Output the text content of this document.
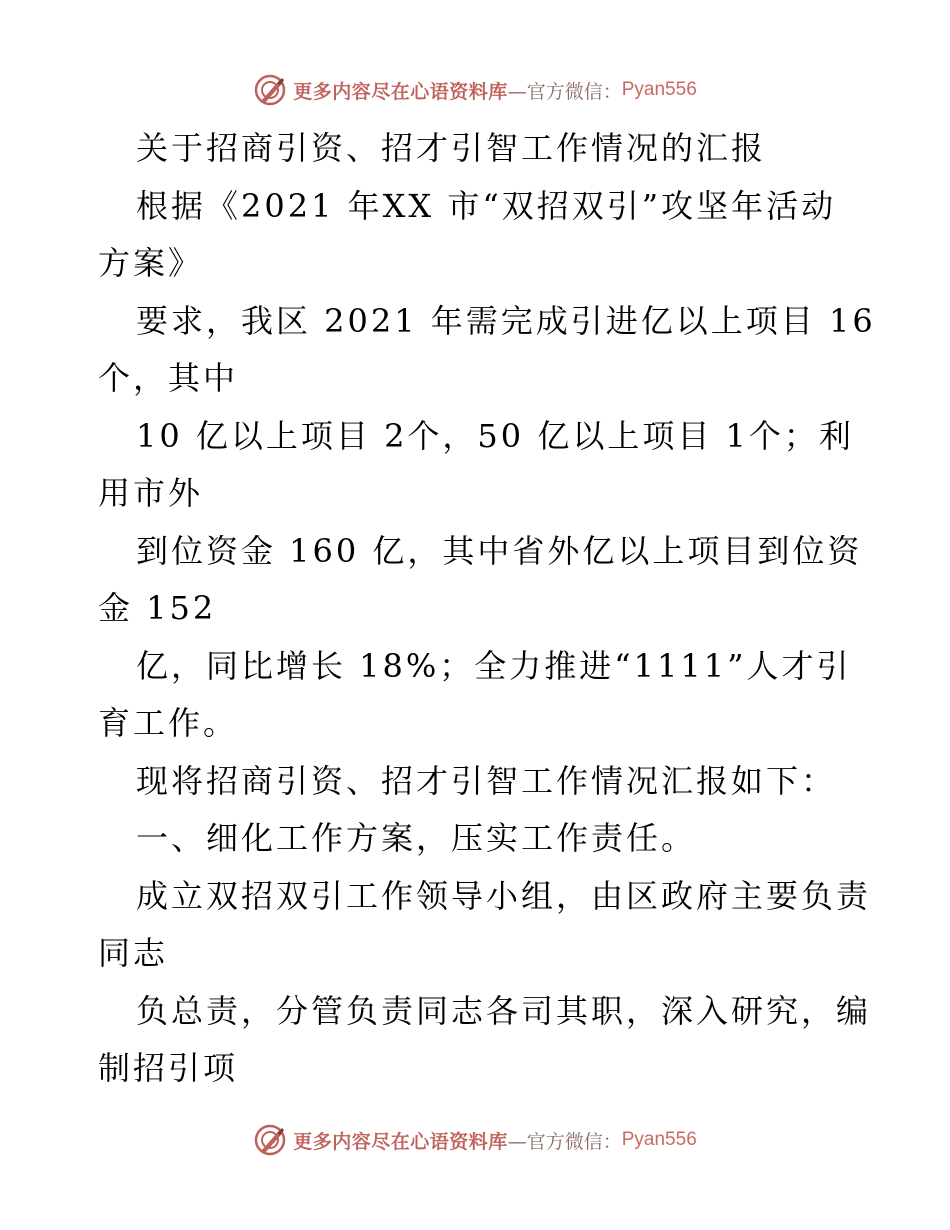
更多内容尽在心语资料库 —官方微信： Pyan556
关于招商引资、招才引智工作情况的汇报
根据《2021 年XX 市“双招双引”攻坚年活动
方案》
要求，我区 2021 年需完成引进亿以上项目 16
个，其中
10 亿以上项目 2个，50 亿以上项目 1个；利
用市外
到位资金 160 亿，其中省外亿以上项目到位资
金 152
亿，同比增长 18%；全力推进“1111”人才引
育工作。
现将招商引资、招才引智工作情况汇报如下：
一、细化工作方案，压实工作责任。
成立双招双引工作领导小组，由区政府主要负责
同志
负总责，分管负责同志各司其职，深入研究，编
制招引项
更多内容尽在心语资料库 —官方微信： Pyan556
